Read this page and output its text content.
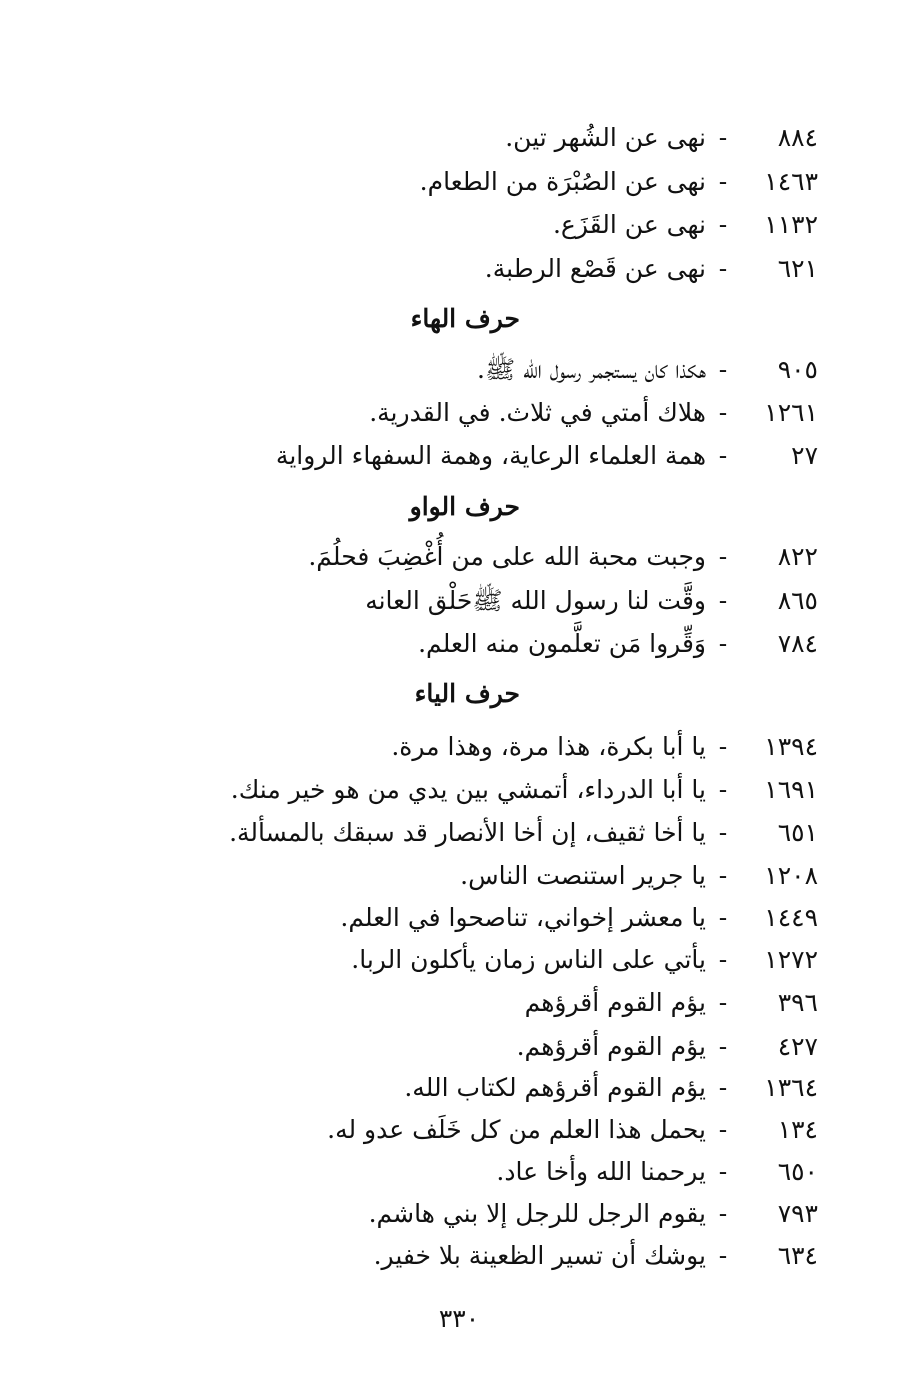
٨٨٤-نهى عن الشُهر تين.
١٤٦٣-نهى عن الصُبْرَة من الطعام.
١١٣٢-نهى عن القَزَع.
٦٢١-نهى عن قَصْع الرطبة.
حرف الهاء
٩٠٥-هكذا كان يستجمر رسول الله ﷺ.
١٢٦١-هلاك أمتي في ثلاث. في القدرية.
٢٧-همة العلماء الرعاية، وهمة السفهاء الرواية
حرف الواو
٨٢٢-وجبت محبة الله على من أُغْضِبَ فحلُمَ.
٨٦٥-وقَّت لنا رسول الله ﷺحَلْق العانه
٧٨٤-وَقِّروا مَن تعلَّمون منه العلم.
حرف الياء
١٣٩٤-يا أبا بكرة، هذا مرة، وهذا مرة.
١٦٩١-يا أبا الدرداء، أتمشي بين يدي من هو خير منك.
٦٥١-يا أخا ثقيف، إن أخا الأنصار قد سبقك بالمسألة.
١٢٠٨-يا جرير استنصت الناس.
١٤٤٩-يا معشر إخواني، تناصحوا في العلم.
١٢٧٢-يأتي على الناس زمان يأكلون الربا.
٣٩٦-يؤم القوم أقرؤهم
٤٢٧-يؤم القوم أقرؤهم.
١٣٦٤-يؤم القوم أقرؤهم لكتاب الله.
١٣٤-يحمل هذا العلم من كل خَلَف عدو له.
٦٥٠-يرحمنا الله وأخا عاد.
٧٩٣-يقوم الرجل للرجل إلا بني هاشم.
٦٣٤-يوشك أن تسير الظعينة بلا خفير.
٣٣٠
